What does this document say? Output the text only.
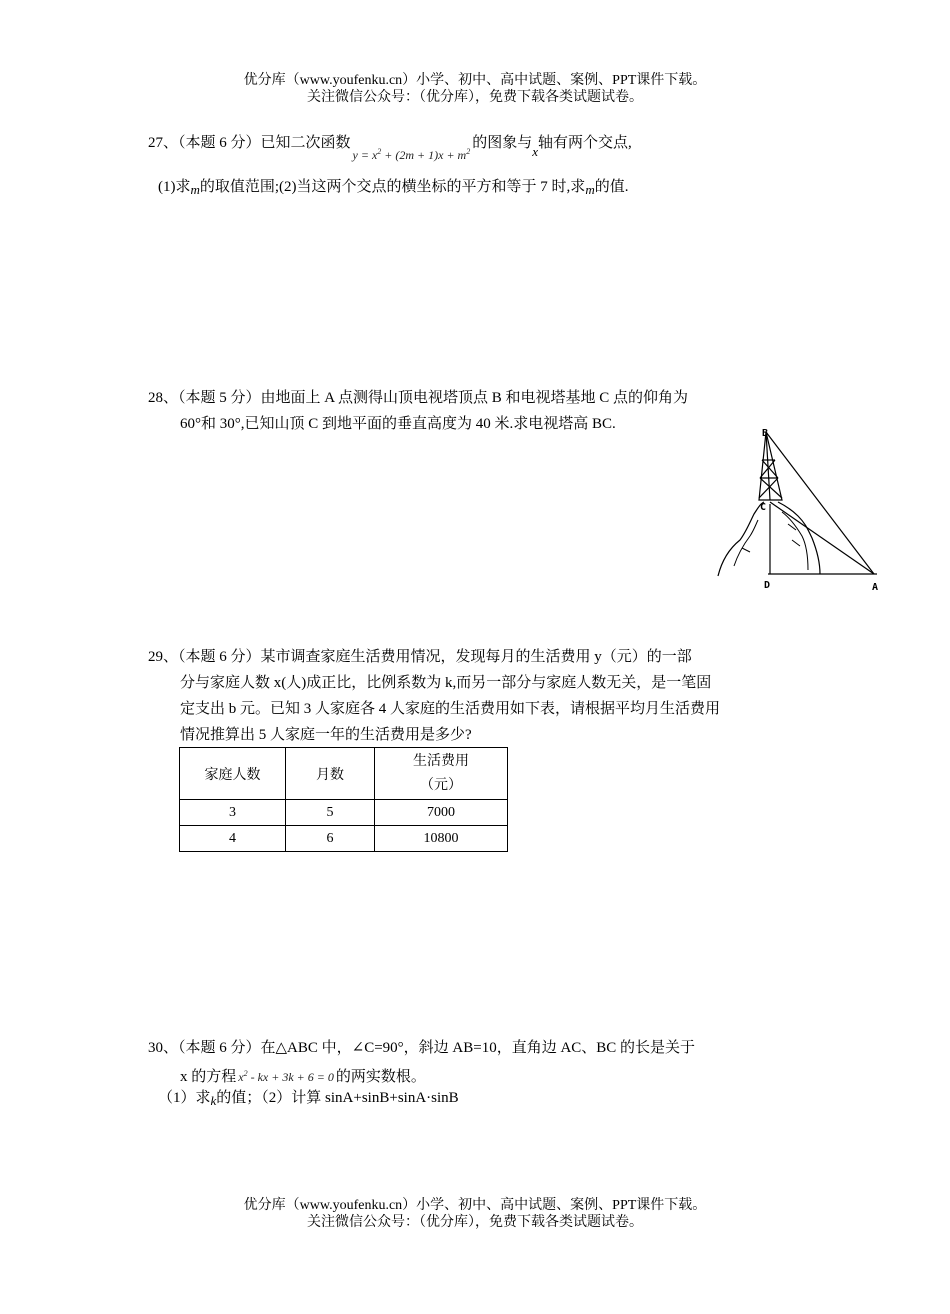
优分库（www.youfenku.cn）小学、初中、高中试题、案例、PPT课件下载。
关注微信公众号：（优分库），免费下载各类试题试卷。
27、（本题 6 分）已知二次函数$_{y = x^2 + (2m + 1)x + m^2}$的图象与x轴有两个交点,
(1)求m的取值范围;(2)当这两个交点的横坐标的平方和等于 7 时,求m的值.
28、（本题 5 分）由地面上 A 点测得山顶电视塔顶点 B 和电视塔基地 C 点的仰角为
60°和 30°,已知山顶 C 到地平面的垂直高度为 40 米.求电视塔高 BC.
B
C
D	A
29、（本题 6 分）某市调查家庭生活费用情况，发现每月的生活费用 y（元）的一部
分与家庭人数 x(人)成正比，比例系数为 k,而另一部分与家庭人数无关，是一笔固
定支出 b 元。已知 3 人家庭各 4 人家庭的生活费用如下表，请根据平均月生活费用
情况推算出 5 人家庭一年的生活费用是多少?
家庭人数	月数	生活费用
（元）

3	5	7000
4	6	10800
30、（本题 6 分）在△ABC 中，∠C=90°，斜边 AB=10，直角边 AC、BC 的长是关于
x 的方程 $x^2$ - kx + 3k + 6 = 0 的两实数根。
（1）求k的值；（2）计算 sinA+sinB+sinA·sinB
优分库（www.youfenku.cn）小学、初中、高中试题、案例、PPT课件下载。
关注微信公众号：（优分库），免费下载各类试题试卷。
